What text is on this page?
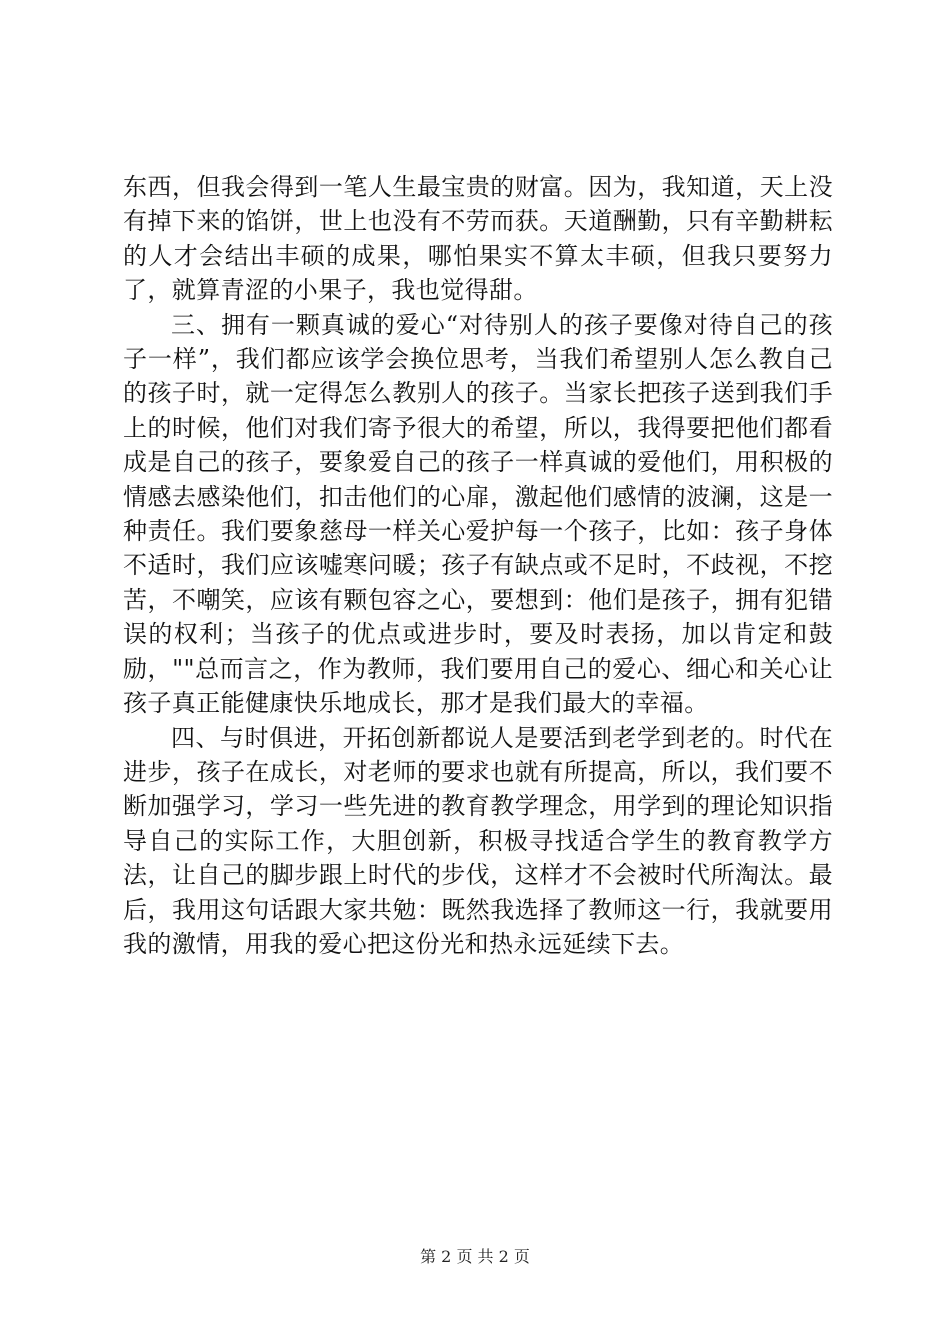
东西，但我会得到一笔人生最宝贵的财富。因为，我知道，天上没有掉下来的馅饼，世上也没有不劳而获。天道酬勤，只有辛勤耕耘的人才会结出丰硕的成果，哪怕果实不算太丰硕，但我只要努力了，就算青涩的小果子，我也觉得甜。

三、拥有一颗真诚的爱心“对待别人的孩子要像对待自己的孩子一样”，我们都应该学会换位思考，当我们希望别人怎么教自己的孩子时，就一定得怎么教别人的孩子。当家长把孩子送到我们手上的时候，他们对我们寄予很大的希望，所以，我得要把他们都看成是自己的孩子，要象爱自己的孩子一样真诚的爱他们，用积极的情感去感染他们，扣击他们的心扉，激起他们感情的波澜，这是一种责任。我们要象慈母一样关心爱护每一个孩子，比如：孩子身体不适时，我们应该嘘寒问暖；孩子有缺点或不足时，不歧视，不挖苦，不嘲笑，应该有颗包容之心，要想到：他们是孩子，拥有犯错误的权利；当孩子的优点或进步时，要及时表扬，加以肯定和鼓励，""总而言之，作为教师，我们要用自己的爱心、细心和关心让孩子真正能健康快乐地成长，那才是我们最大的幸福。

四、与时俱进，开拓创新都说人是要活到老学到老的。时代在进步，孩子在成长，对老师的要求也就有所提高，所以，我们要不断加强学习，学习一些先进的教育教学理念，用学到的理论知识指导自己的实际工作，大胆创新，积极寻找适合学生的教育教学方法，让自己的脚步跟上时代的步伐，这样才不会被时代所淘汰。最后，我用这句话跟大家共勉：既然我选择了教师这一行，我就要用我的激情，用我的爱心把这份光和热永远延续下去。

第 2 页 共 2 页
